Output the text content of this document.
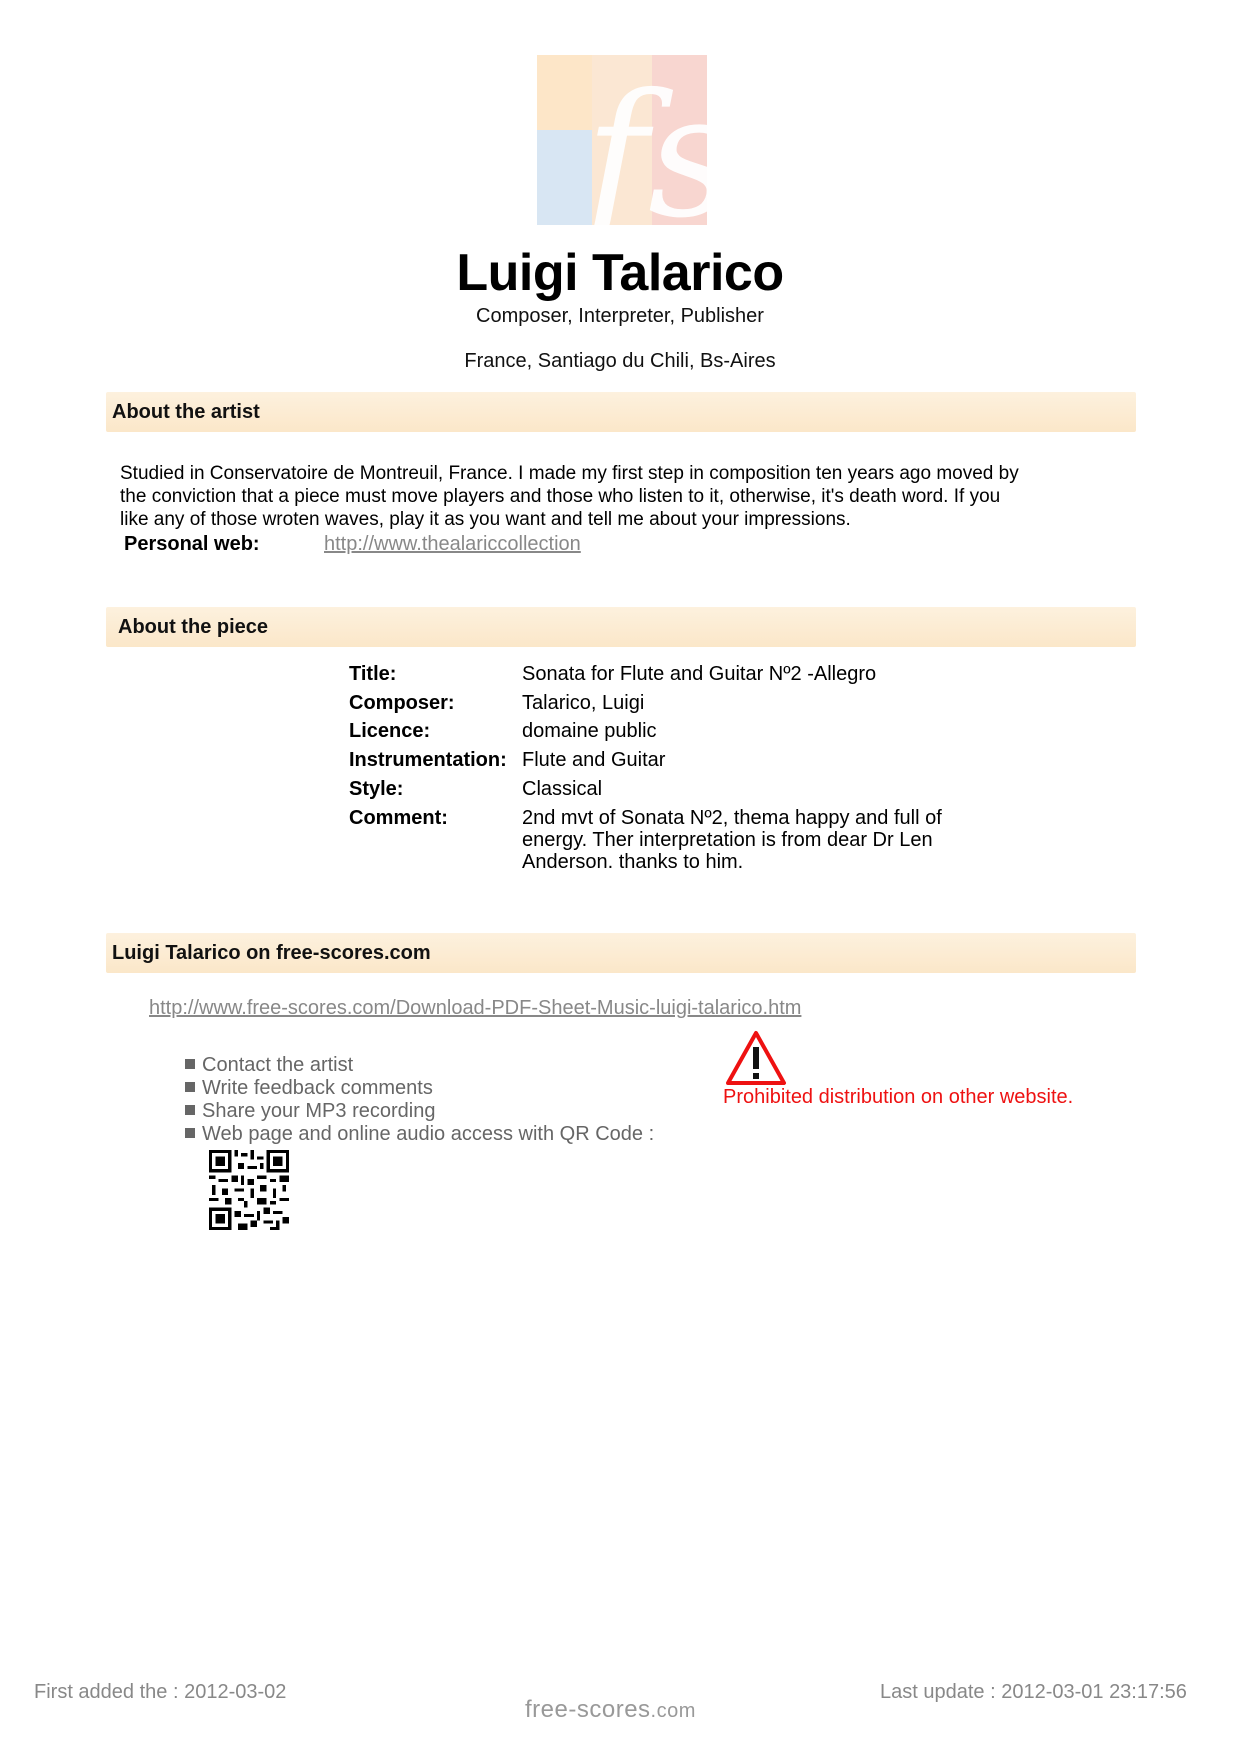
fs
Luigi Talarico
Composer, Interpreter, Publisher
France, Santiago du Chili, Bs-Aires
About the artist
Studied in Conservatoire de Montreuil, France. I made my first step in composition ten years ago moved by
the conviction that a piece must move players and those who listen to it, otherwise, it's death word. If you
like any of those wroten waves, play it as you want and tell me about your impressions.
Personal web:	http://www.thealariccollection
About the piece
Title:	Sonata for Flute and Guitar Nº2 -Allegro
Composer:	Talarico, Luigi
Licence:	domaine public
Instrumentation: Flute and Guitar
Style:	Classical
Comment:	2nd mvt of Sonata Nº2, thema happy and full of
energy. Ther interpretation is from dear Dr Len
Anderson. thanks to him.
Luigi Talarico on free-scores.com
http://www.free-scores.com/Download-PDF-Sheet-Music-luigi-talarico.htm
Contact the artist
Write feedback comments
Share your MP3 recording
Web page and online audio access with QR Code :
Prohibited distribution on other website.
First added the : 2012-03-02	Last update : 2012-03-01 23:17:56
free-scores.com
